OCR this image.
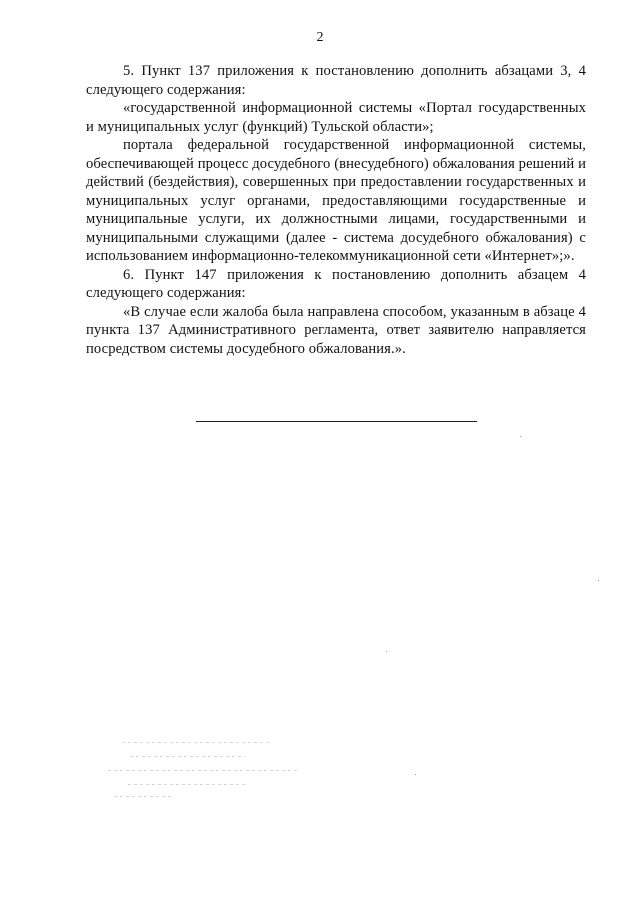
2

5. Пункт 137 приложения к постановлению дополнить абзацами 3, 4 следующего содержания:

«государственной информационной системы «Портал государственных и муниципальных услуг (функций) Тульской области»;

портала федеральной государственной информационной системы, обеспечивающей процесс досудебного (внесудебного) обжалования решений и действий (бездействия), совершенных при предоставлении государственных и муниципальных услуг органами, предоставляющими государственные и муниципальные услуги, их должностными лицами, государственными и муниципальными служащими (далее - система досудебного обжалования) с использованием информационно-телекоммуникационной сети «Интернет»;».

6. Пункт 147 приложения к постановлению дополнить абзацем 4 следующего содержания:

«В случае если жалоба была направлена способом, указанным в абзаце 4 пункта 137 Административного регламента, ответ заявителю направляется посредством системы досудебного обжалования.».
